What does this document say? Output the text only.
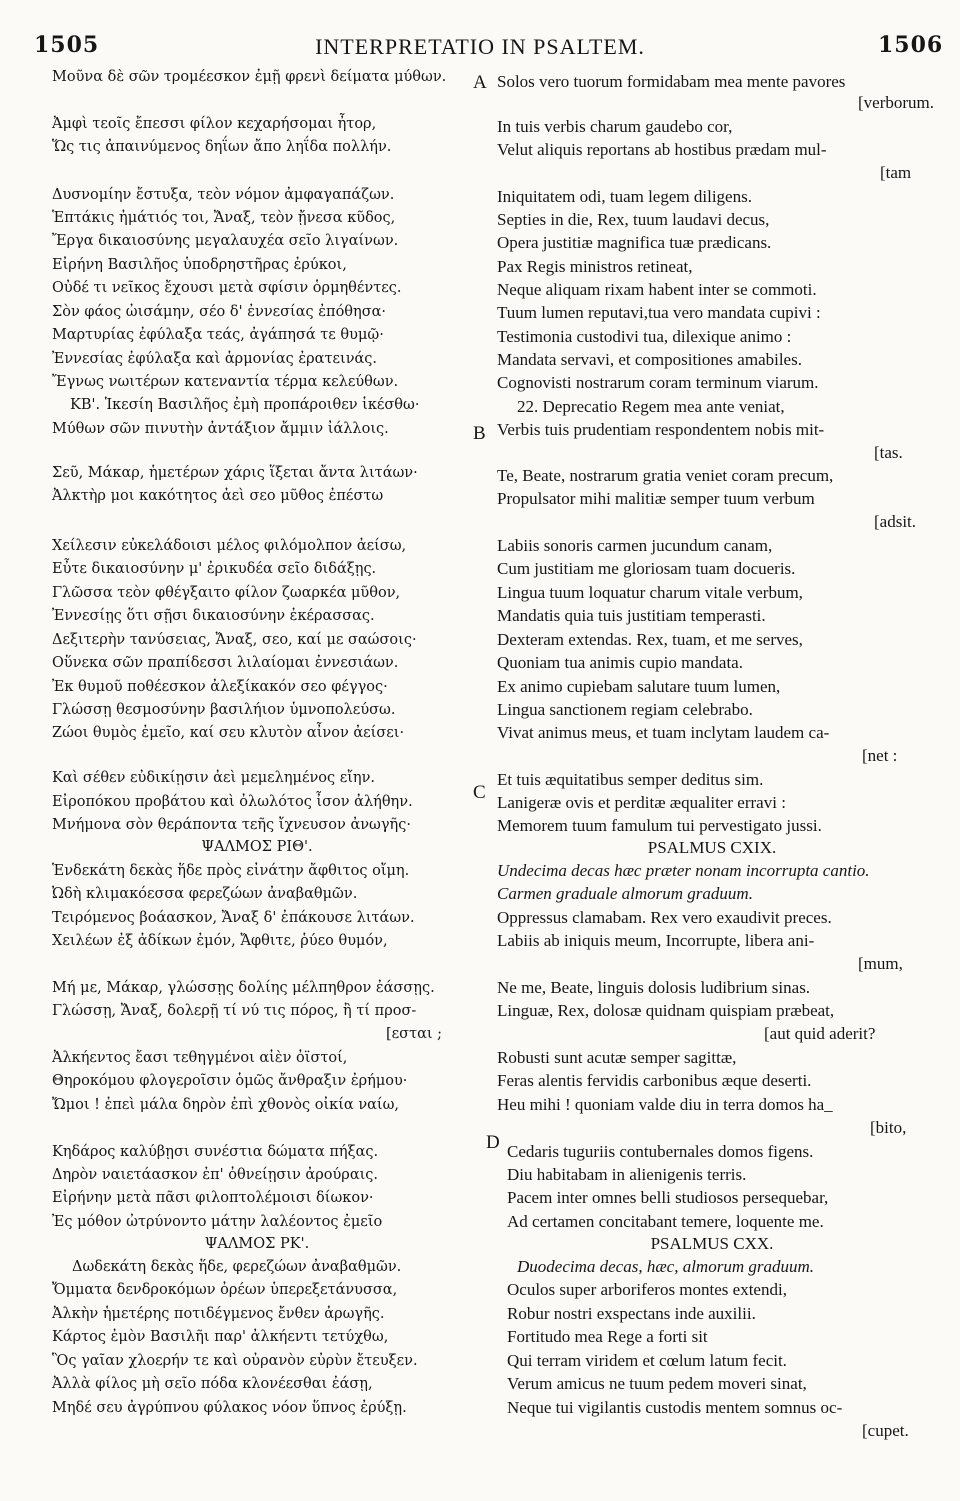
1505	INTERPRETATIO IN PSALTEM.	1506
Μοῦνα δὲ σῶν τρομέεσκον ἐμῇ φρενὶ δείματα μύθων.
Ἀμφὶ τεοῖς ἔπεσσι φίλον κεχαρήσομαι ἦτορ,
Ὥς τις ἀπαινύμενος δηΐων ἄπο ληΐδα πολλήν.
Δυσνομίην ἔστυξα, τεὸν νόμον ἀμφαγαπάζων.
Ἑπτάκις ἠμάτιός τοι, Ἄναξ, τεὸν ᾔνεσα κῦδος,
Ἔργα δικαιοσύνης μεγαλαυχέα σεῖο λιγαίνων.
Εἰρήνη Βασιλῆος ὑποδρηστῆρας ἐρύκοι,
Οὐδέ τι νεῖκος ἔχουσι μετὰ σφίσιν ὁρμηθέντες.
Σὸν φάος ὠισάμην, σέο δ' ἐννεσίας ἐπόθησα·
Μαρτυρίας ἐφύλαξα τεάς, ἀγάπησά τε θυμῷ·
Ἐννεσίας ἐφύλαξα καὶ ἁρμονίας ἐρατεινάς.
Ἔγνως νωιτέρων κατεναντία τέρμα κελεύθων.
ΚΒ'. Ἱκεσίη Βασιλῆος ἐμὴ προπάροιθεν ἱκέσθω·
Μύθων σῶν πινυτὴν ἀντάξιον ἄμμιν ἰάλλοις.
Σεῦ, Μάκαρ, ἡμετέρων χάρις ἵξεται ἄντα λιτάων·
Ἀλκτὴρ μοι κακότητος ἀεὶ σεο μῦθος ἐπέστω
Χείλεσιν εὐκελάδοισι μέλος φιλόμολπον ἀείσω,
Εὖτε δικαιοσύνην μ' ἐρικυδέα σεῖο διδάξῃς.
Γλῶσσα τεὸν φθέγξαιτο φίλον ζωαρκέα μῦθον,
Ἐννεσίῃς ὅτι σῇσι δικαιοσύνην ἐκέρασσας.
Δεξιτερὴν τανύσειας, Ἄναξ, σεο, καί με σαώσοις·
Οὕνεκα σῶν πραπίδεσσι λιλαίομαι ἐννεσιάων.
Ἐκ θυμοῦ ποθέεσκον ἀλεξίκακόν σεο φέγγος·
Γλώσσῃ θεσμοσύνην βασιλήιον ὑμνοπολεύσω.
Ζώοι θυμὸς ἐμεῖο, καί σευ κλυτὸν αἶνον ἀείσει·
Καὶ σέθεν εὐδικίῃσιν ἀεὶ μεμελημένος εἴην.
Εἰροπόκου προβάτου καὶ ὀλωλότος ἶσον ἀλήθην.
Μνήμονα σὸν θεράποντα τεῆς ἴχνευσον ἀνωγῆς·
ΨΑΛΜΟΣ ΡΙΘ'.
Ἑνδεκάτη δεκὰς ἥδε πρὸς εἰνάτην ἄφθιτος οἴμη.
Ὠδὴ κλιμακόεσσα φερεζώων ἀναβαθμῶν.
Τειρόμενος βοάασκον, Ἄναξ δ' ἐπάκουσε λιτάων.
Χειλέων ἐξ ἀδίκων ἐμόν, Ἄφθιτε, ῥύεο θυμόν,
Μή με, Μάκαρ, γλώσσῃς δολίης μέλπηθρον ἐάσσῃς.
Γλώσσῃ, Ἄναξ, δολερῇ τί νύ τις πόρος, ἢ τί προσ-
[εσται ;
Ἀλκήεντος ἔασι τεθηγμένοι αἰὲν ὀϊστοί,
Θηροκόμου φλογεροῖσιν ὁμῶς ἄνθραξιν ἐρήμου·
Ὤμοι ! ἐπεὶ μάλα δηρὸν ἐπὶ χθονὸς οἰκία ναίω,
Κηδάρος καλύβῃσι συνέστια δώματα πήξας.
Δηρὸν ναιετάασκον ἐπ' ὀθνείῃσιν ἀρούραις.
Εἰρήνην μετὰ πᾶσι φιλοπτολέμοισι δίωκον·
Ἐς μόθον ὠτρύνοντο μάτην λαλέοντος ἐμεῖο
ΨΑΛΜΟΣ ΡΚ'.
Δωδεκάτη δεκὰς ἥδε, φερεζώων ἀναβαθμῶν.
Ὄμματα δενδροκόμων ὀρέων ὑπερεξετάνυσσα,
Ἀλκὴν ἡμετέρης ποτιδέγμενος ἔνθεν ἀρωγῆς.
Κάρτος ἐμὸν Βασιλῆι παρ' ἀλκήεντι τετύχθω,
Ὃς γαῖαν χλοερήν τε καὶ οὐρανὸν εὐρὺν ἔτευξεν.
Ἀλλὰ φίλος μὴ σεῖο πόδα κλονέεσθαι ἐάσῃ,
Μηδέ σευ ἀγρύπνου φύλακος νόον ὕπνος ἐρύξῃ.
Solos vero tuorum formidabam mea mente pavores
[verborum.
In tuis verbis charum gaudebo cor,
Velut aliquis reportans ab hostibus prædam mul-
[tam
Iniquitatem odi, tuam legem diligens.
Septies in die, Rex, tuum laudavi decus,
Opera justitiæ magnifica tuæ prædicans.
Pax Regis ministros retineat,
Neque aliquam rixam habent inter se commoti.
Tuum lumen reputavi,tua vero mandata cupivi :
Testimonia custodivi tua, dilexique animo :
Mandata servavi, et compositiones amabiles.
Cognovisti nostrarum coram terminum viarum.
22. Deprecatio Regem mea ante veniat,
Verbis tuis prudentiam respondentem nobis mit-
[tas.
Te, Beate, nostrarum gratia veniet coram precum,
Propulsator mihi malitiæ semper tuum verbum
[adsit.
Labiis sonoris carmen jucundum canam,
Cum justitiam me gloriosam tuam docueris.
Lingua tuum loquatur charum vitale verbum,
Mandatis quia tuis justitiam temperasti.
Dexteram extendas. Rex, tuam, et me serves,
Quoniam tua animis cupio mandata.
Ex animo cupiebam salutare tuum lumen,
Lingua sanctionem regiam celebrabo.
Vivat animus meus, et tuam inclytam laudem ca-
[net :
Et tuis æquitatibus semper deditus sim.
Lanigeræ ovis et perditæ æqualiter erravi :
Memorem tuum famulum tui pervestigato jussi.
PSALMUS CXIX.
Undecima decas hæc præter nonam incorrupta cantio.
Carmen graduale almorum graduum.
Oppressus clamabam. Rex vero exaudivit preces.
Labiis ab iniquis meum, Incorrupte, libera ani-
[mum,
Ne me, Beate, linguis dolosis ludibrium sinas.
Linguæ, Rex, dolosæ quidnam quispiam præbeat,
[aut quid aderit?
Robusti sunt acutæ semper sagittæ,
Feras alentis fervidis carbonibus æque deserti.
Heu mihi ! quoniam valde diu in terra domos ha_
[bito,
Cedaris tuguriis contubernales domos figens.
Diu habitabam in alienigenis terris.
Pacem inter omnes belli studiosos persequebar,
Ad certamen concitabant temere, loquente me.
PSALMUS CXX.
Duodecima decas, hæc, almorum graduum.
Oculos super arboriferos montes extendi,
Robur nostri exspectans inde auxilii.
Fortitudo mea Rege a forti sit
Qui terram viridem et cœlum latum fecit.
Verum amicus ne tuum pedem moveri sinat,
Neque tui vigilantis custodis mentem somnus oc-
[cupet.
A
B
C
D
